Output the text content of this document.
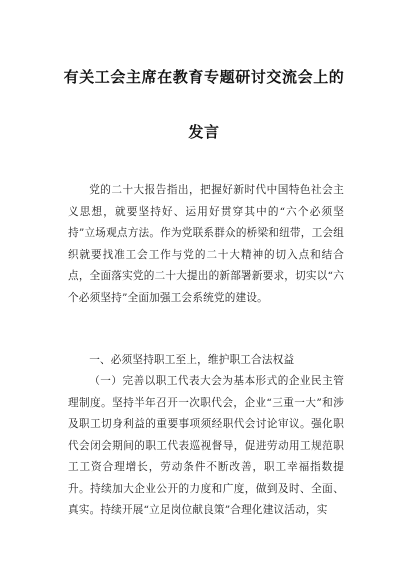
有关工会主席在教育专题研讨交流会上的
发言

党的二十大报告指出，把握好新时代中国特色社会主义思想，就要坚持好、运用好贯穿其中的“六个必须坚持”立场观点方法。作为党联系群众的桥梁和纽带，工会组织就要找准工会工作与党的二十大精神的切入点和结合点，全面落实党的二十大提出的新部署新要求，切实以“六个必须坚持”全面加强工会系统党的建设。

一、必须坚持职工至上，维护职工合法权益

（一）完善以职工代表大会为基本形式的企业民主管理制度。坚持半年召开一次职代会，企业“三重一大”和涉及职工切身利益的重要事项须经职代会讨论审议。强化职代会闭会期间的职工代表巡视督导，促进劳动用工规范职工工资合理增长，劳动条件不断改善，职工幸福指数提升。持续加大企业公开的力度和广度，做到及时、全面、真实。持续开展“立足岗位献良策”合理化建议活动，实
